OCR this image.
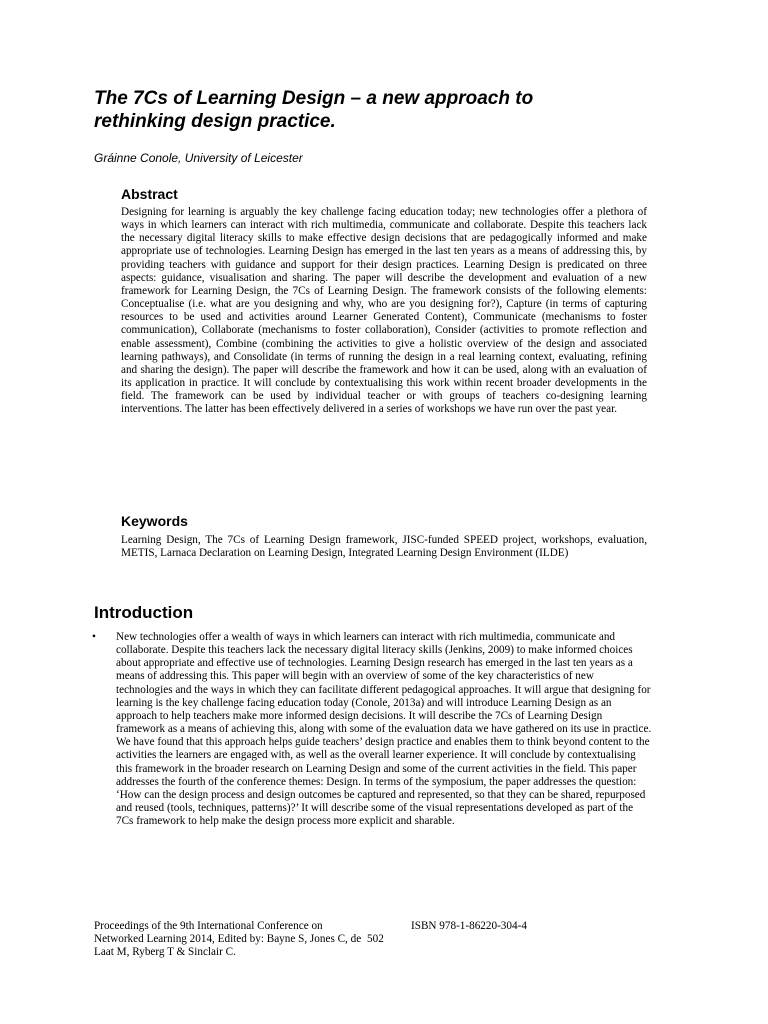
The 7Cs of Learning Design – a new approach to
rethinking design practice.

Gráinne Conole, University of Leicester

Abstract

Designing for learning is arguably the key challenge facing education today; new technologies offer a plethora of ways in which learners can interact with rich multimedia, communicate and collaborate. Despite this teachers lack the necessary digital literacy skills to make effective design decisions that are pedagogically informed and make appropriate use of technologies. Learning Design has emerged in the last ten years as a means of addressing this, by providing teachers with guidance and support for their design practices. Learning Design is predicated on three aspects: guidance, visualisation and sharing. The paper will describe the development and evaluation of a new framework for Learning Design, the 7Cs of Learning Design. The framework consists of the following elements: Conceptualise (i.e. what are you designing and why, who are you designing for?), Capture (in terms of capturing resources to be used and activities around Learner Generated Content), Communicate (mechanisms to foster communication), Collaborate (mechanisms to foster collaboration), Consider (activities to promote reflection and enable assessment), Combine (combining the activities to give a holistic overview of the design and associated learning pathways), and Consolidate (in terms of running the design in a real learning context, evaluating, refining and sharing the design). The paper will describe the framework and how it can be used, along with an evaluation of its application in practice. It will conclude by contextualising this work within recent broader developments in the field. The framework can be used by individual teacher or with groups of teachers co-designing learning interventions. The latter has been effectively delivered in a series of workshops we have run over the past year.

Keywords

Learning Design, The 7Cs of Learning Design framework, JISC-funded SPEED project, workshops, evaluation, METIS, Larnaca Declaration on Learning Design, Integrated Learning Design Environment (ILDE)

Introduction
• New technologies offer a wealth of ways in which learners can interact with rich multimedia, communicate and collaborate. Despite this teachers lack the necessary digital literacy skills (Jenkins, 2009) to make informed choices about appropriate and effective use of technologies. Learning Design research has emerged in the last ten years as a means of addressing this. This paper will begin with an overview of some of the key characteristics of new technologies and the ways in which they can facilitate different pedagogical approaches. It will argue that designing for learning is the key challenge facing education today (Conole, 2013a) and will introduce Learning Design as an approach to help teachers make more informed design decisions. It will describe the 7Cs of Learning Design framework as a means of achieving this, along with some of the evaluation data we have gathered on its use in practice. We have found that this approach helps guide teachers’ design practice and enables them to think beyond content to the activities the learners are engaged with, as well as the overall learner experience. It will conclude by contextualising this framework in the broader research on Learning Design and some of the current activities in the field. This paper addresses the fourth of the conference themes: Design. In terms of the symposium, the paper addresses the question: ‘How can the design process and design outcomes be captured and represented, so that they can be shared, repurposed and reused (tools, techniques, patterns)?’ It will describe some of the visual representations developed as part of the 7Cs framework to help make the design process more explicit and sharable.

Proceedings of the 9th International Conference on Networked Learning 2014, Edited by: Bayne S, Jones C, de Laat M, Ryberg T & Sinclair C.

502

ISBN 978-1-86220-304-4
